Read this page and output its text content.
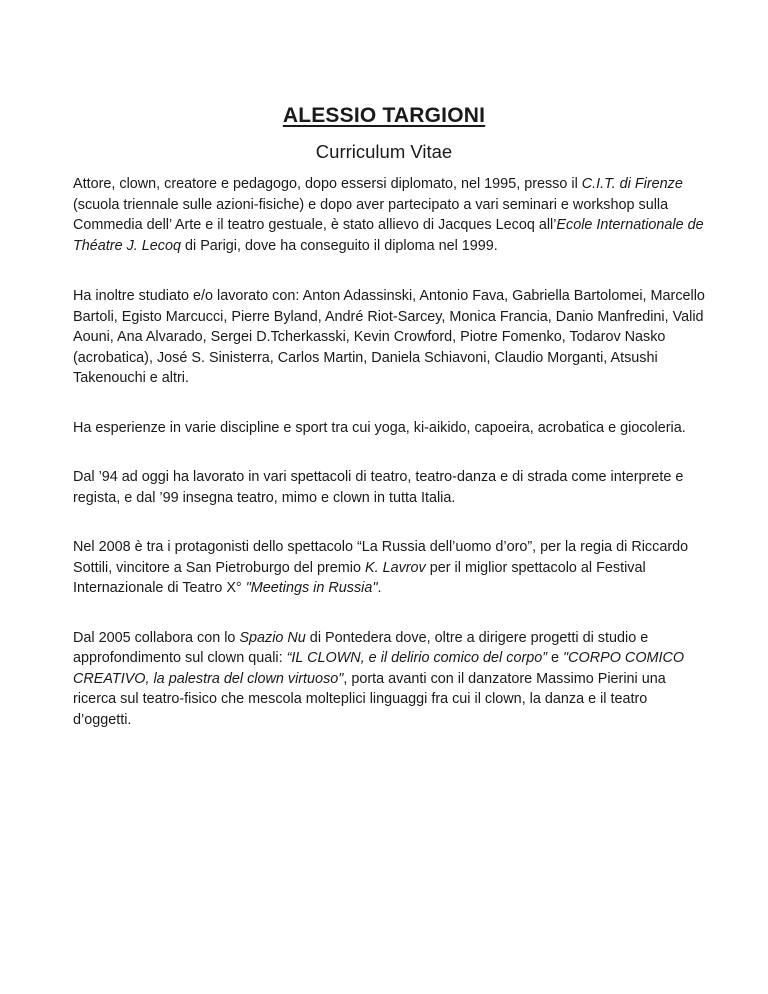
ALESSIO TARGIONI
Curriculum Vitae

Attore, clown, creatore e pedagogo, dopo essersi diplomato, nel 1995, presso il C.I.T. di Firenze (scuola triennale sulle azioni-fisiche) e dopo aver partecipato a vari seminari e workshop sulla Commedia dell’ Arte e il teatro gestuale, è stato allievo di Jacques Lecoq all’Ecole Internationale de Théatre J. Lecoq di Parigi, dove ha conseguito il diploma nel 1999.

Ha inoltre studiato e/o lavorato con: Anton Adassinski, Antonio Fava, Gabriella Bartolomei, Marcello Bartoli, Egisto Marcucci, Pierre Byland, André Riot-Sarcey, Monica Francia, Danio Manfredini, Valid Aouni, Ana Alvarado, Sergei D.Tcherkasski, Kevin Crowford, Piotre Fomenko, Todarov Nasko (acrobatica), José S. Sinisterra, Carlos Martin, Daniela Schiavoni, Claudio Morganti, Atsushi Takenouchi e altri.

Ha esperienze in varie discipline e sport tra cui yoga, ki-aikido, capoeira, acrobatica e giocoleria.

Dal ’94 ad oggi ha lavorato in vari spettacoli di teatro, teatro-danza e di strada come interprete e regista, e dal ’99 insegna teatro, mimo e clown in tutta Italia.

Nel 2008 è tra i protagonisti dello spettacolo “La Russia dell’uomo d’oro”, per la regia di Riccardo Sottili, vincitore a San Pietroburgo del premio K. Lavrov per il miglior spettacolo al Festival Internazionale di Teatro X° "Meetings in Russia".

Dal 2005 collabora con lo Spazio Nu di Pontedera dove, oltre a dirigere progetti di studio e approfondimento sul clown quali: “IL CLOWN, e il delirio comico del corpo” e "CORPO COMICO CREATIVO, la palestra del clown virtuoso", porta avanti con il danzatore Massimo Pierini una ricerca sul teatro-fisico che mescola molteplici linguaggi fra cui il clown, la danza e il teatro d’oggetti.
